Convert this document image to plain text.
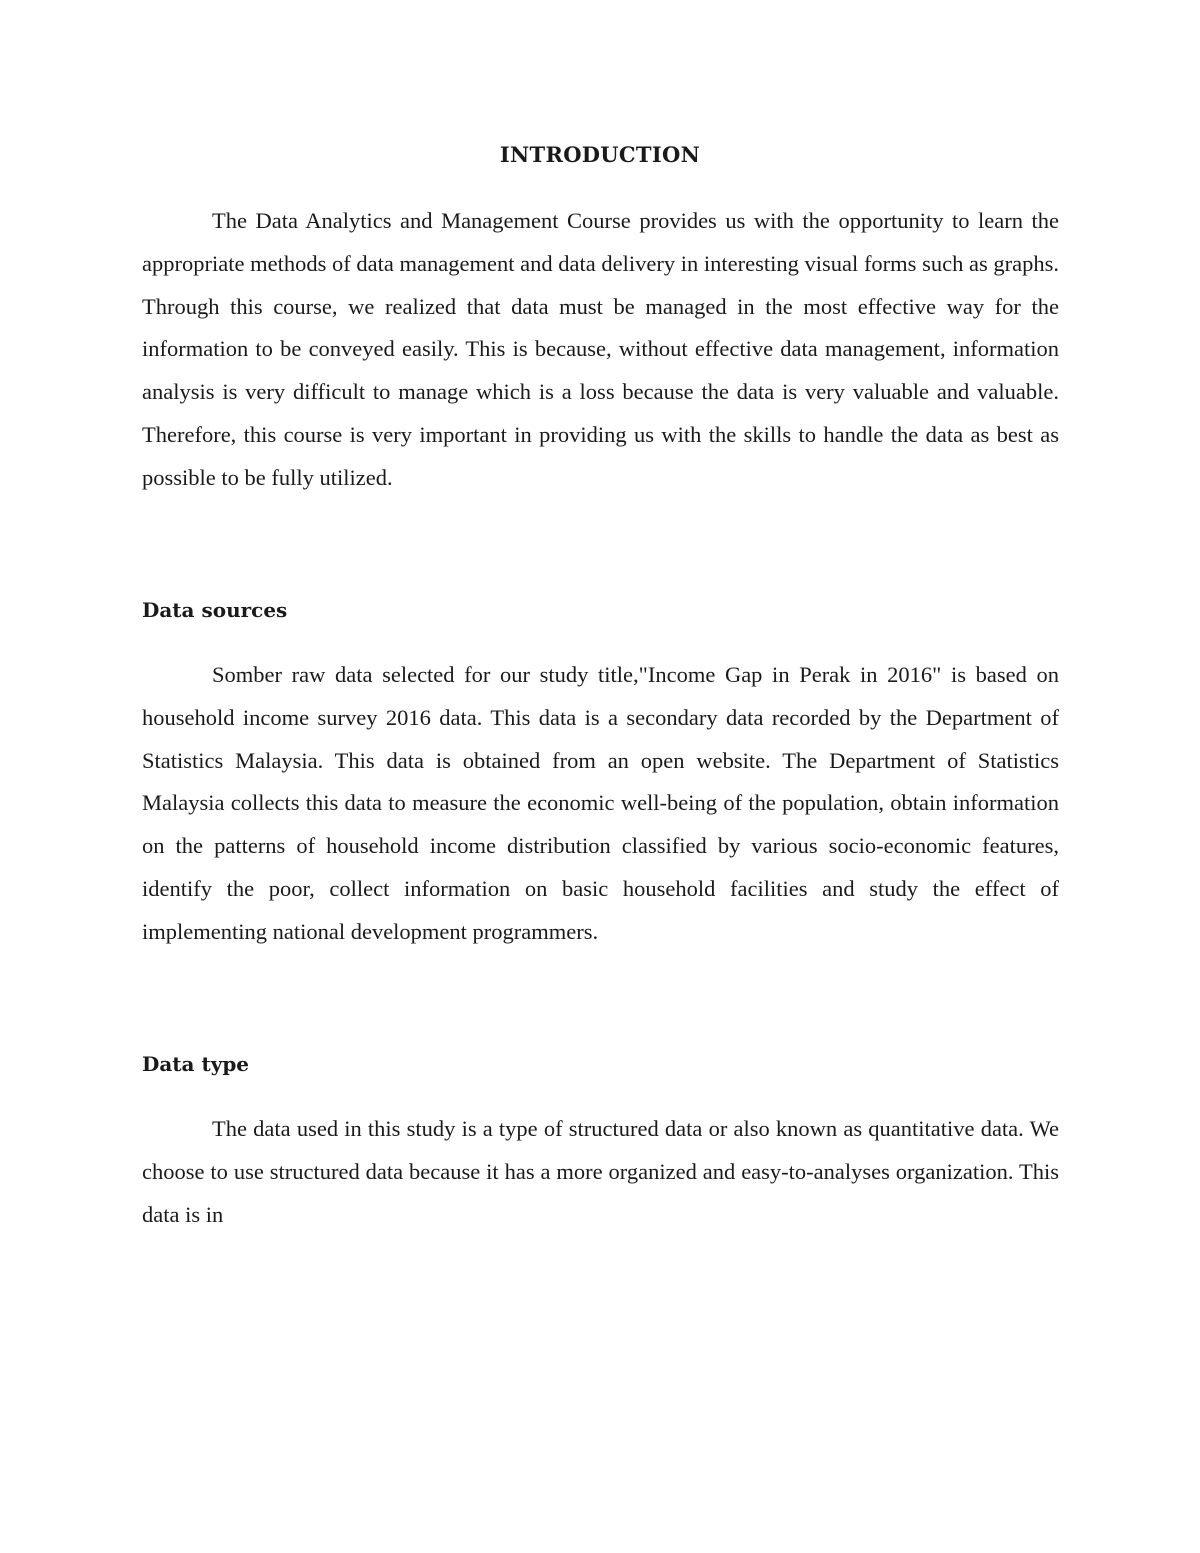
INTRODUCTION

The Data Analytics and Management Course provides us with the opportunity to learn the appropriate methods of data management and data delivery in interesting visual forms such as graphs. Through this course, we realized that data must be managed in the most effective way for the information to be conveyed easily. This is because, without effective data management, information analysis is very difficult to manage which is a loss because the data is very valuable and valuable. Therefore, this course is very important in providing us with the skills to handle the data as best as possible to be fully utilized.

Data sources

Somber raw data selected for our study title,"Income Gap in Perak in 2016" is based on household income survey 2016 data. This data is a secondary data recorded by the Department of Statistics Malaysia. This data is obtained from an open website. The Department of Statistics Malaysia collects this data to measure the economic well-being of the population, obtain information on the patterns of household income distribution classified by various socio-economic features, identify the poor, collect information on basic household facilities and study the effect of implementing national development programmers.

Data type

The data used in this study is a type of structured data or also known as quantitative data. We choose to use structured data because it has a more organized and easy-to-analyses organization. This data is in
